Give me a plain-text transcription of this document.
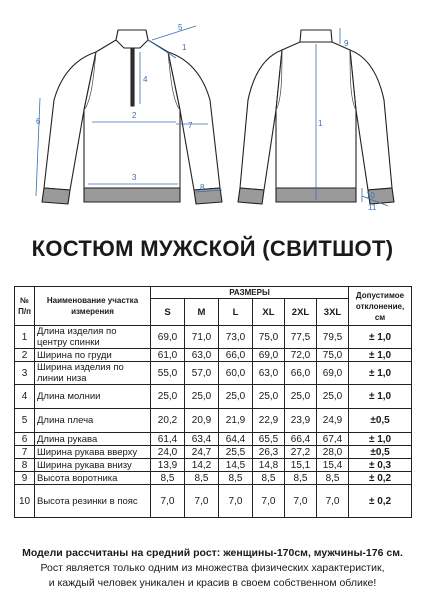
1
2
3
4
5
6	7
8
9
1
10
11
КОСТЮМ МУЖСКОЙ (СВИТШОТ)
№ П/п	Наименование участка измерения	РАЗМЕРЫ						Допустимое отклонение, см
		S	M	L	XL	2XL	3XL	
1	Длина изделия по центру спинки	69,0	71,0	73,0	75,0	77,5	79,5	± 1,0
2	Ширина по груди	61,0	63,0	66,0	69,0	72,0	75,0	± 1,0
3	Ширина изделия по линии низа	55,0	57,0	60,0	63,0	66,0	69,0	± 1,0
4	Длина молнии	25,0	25,0	25,0	25,0	25,0	25,0	± 1,0
5	Длина плеча	20,2	20,9	21,9	22,9	23,9	24,9	±0,5
6	Длина рукава	61,4	63,4	64,4	65,5	66,4	67,4	± 1,0
7	Ширина рукава вверху	24,0	24,7	25,5	26,3	27,2	28,0	±0,5
8	Ширина рукава внизу	13,9	14,2	14,5	14,8	15,1	15,4	± 0,3
9	Высота воротника	8,5	8,5	8,5	8,5	8,5	8,5	± 0,2
10	Высота резинки в пояс	7,0	7,0	7,0	7,0	7,0	7,0	± 0,2
Модели рассчитаны на средний рост: женщины-170см, мужчины-176 см.
Рост является только одним из множества физических характеристик,
и каждый человек уникален и красив в своем собственном облике!
